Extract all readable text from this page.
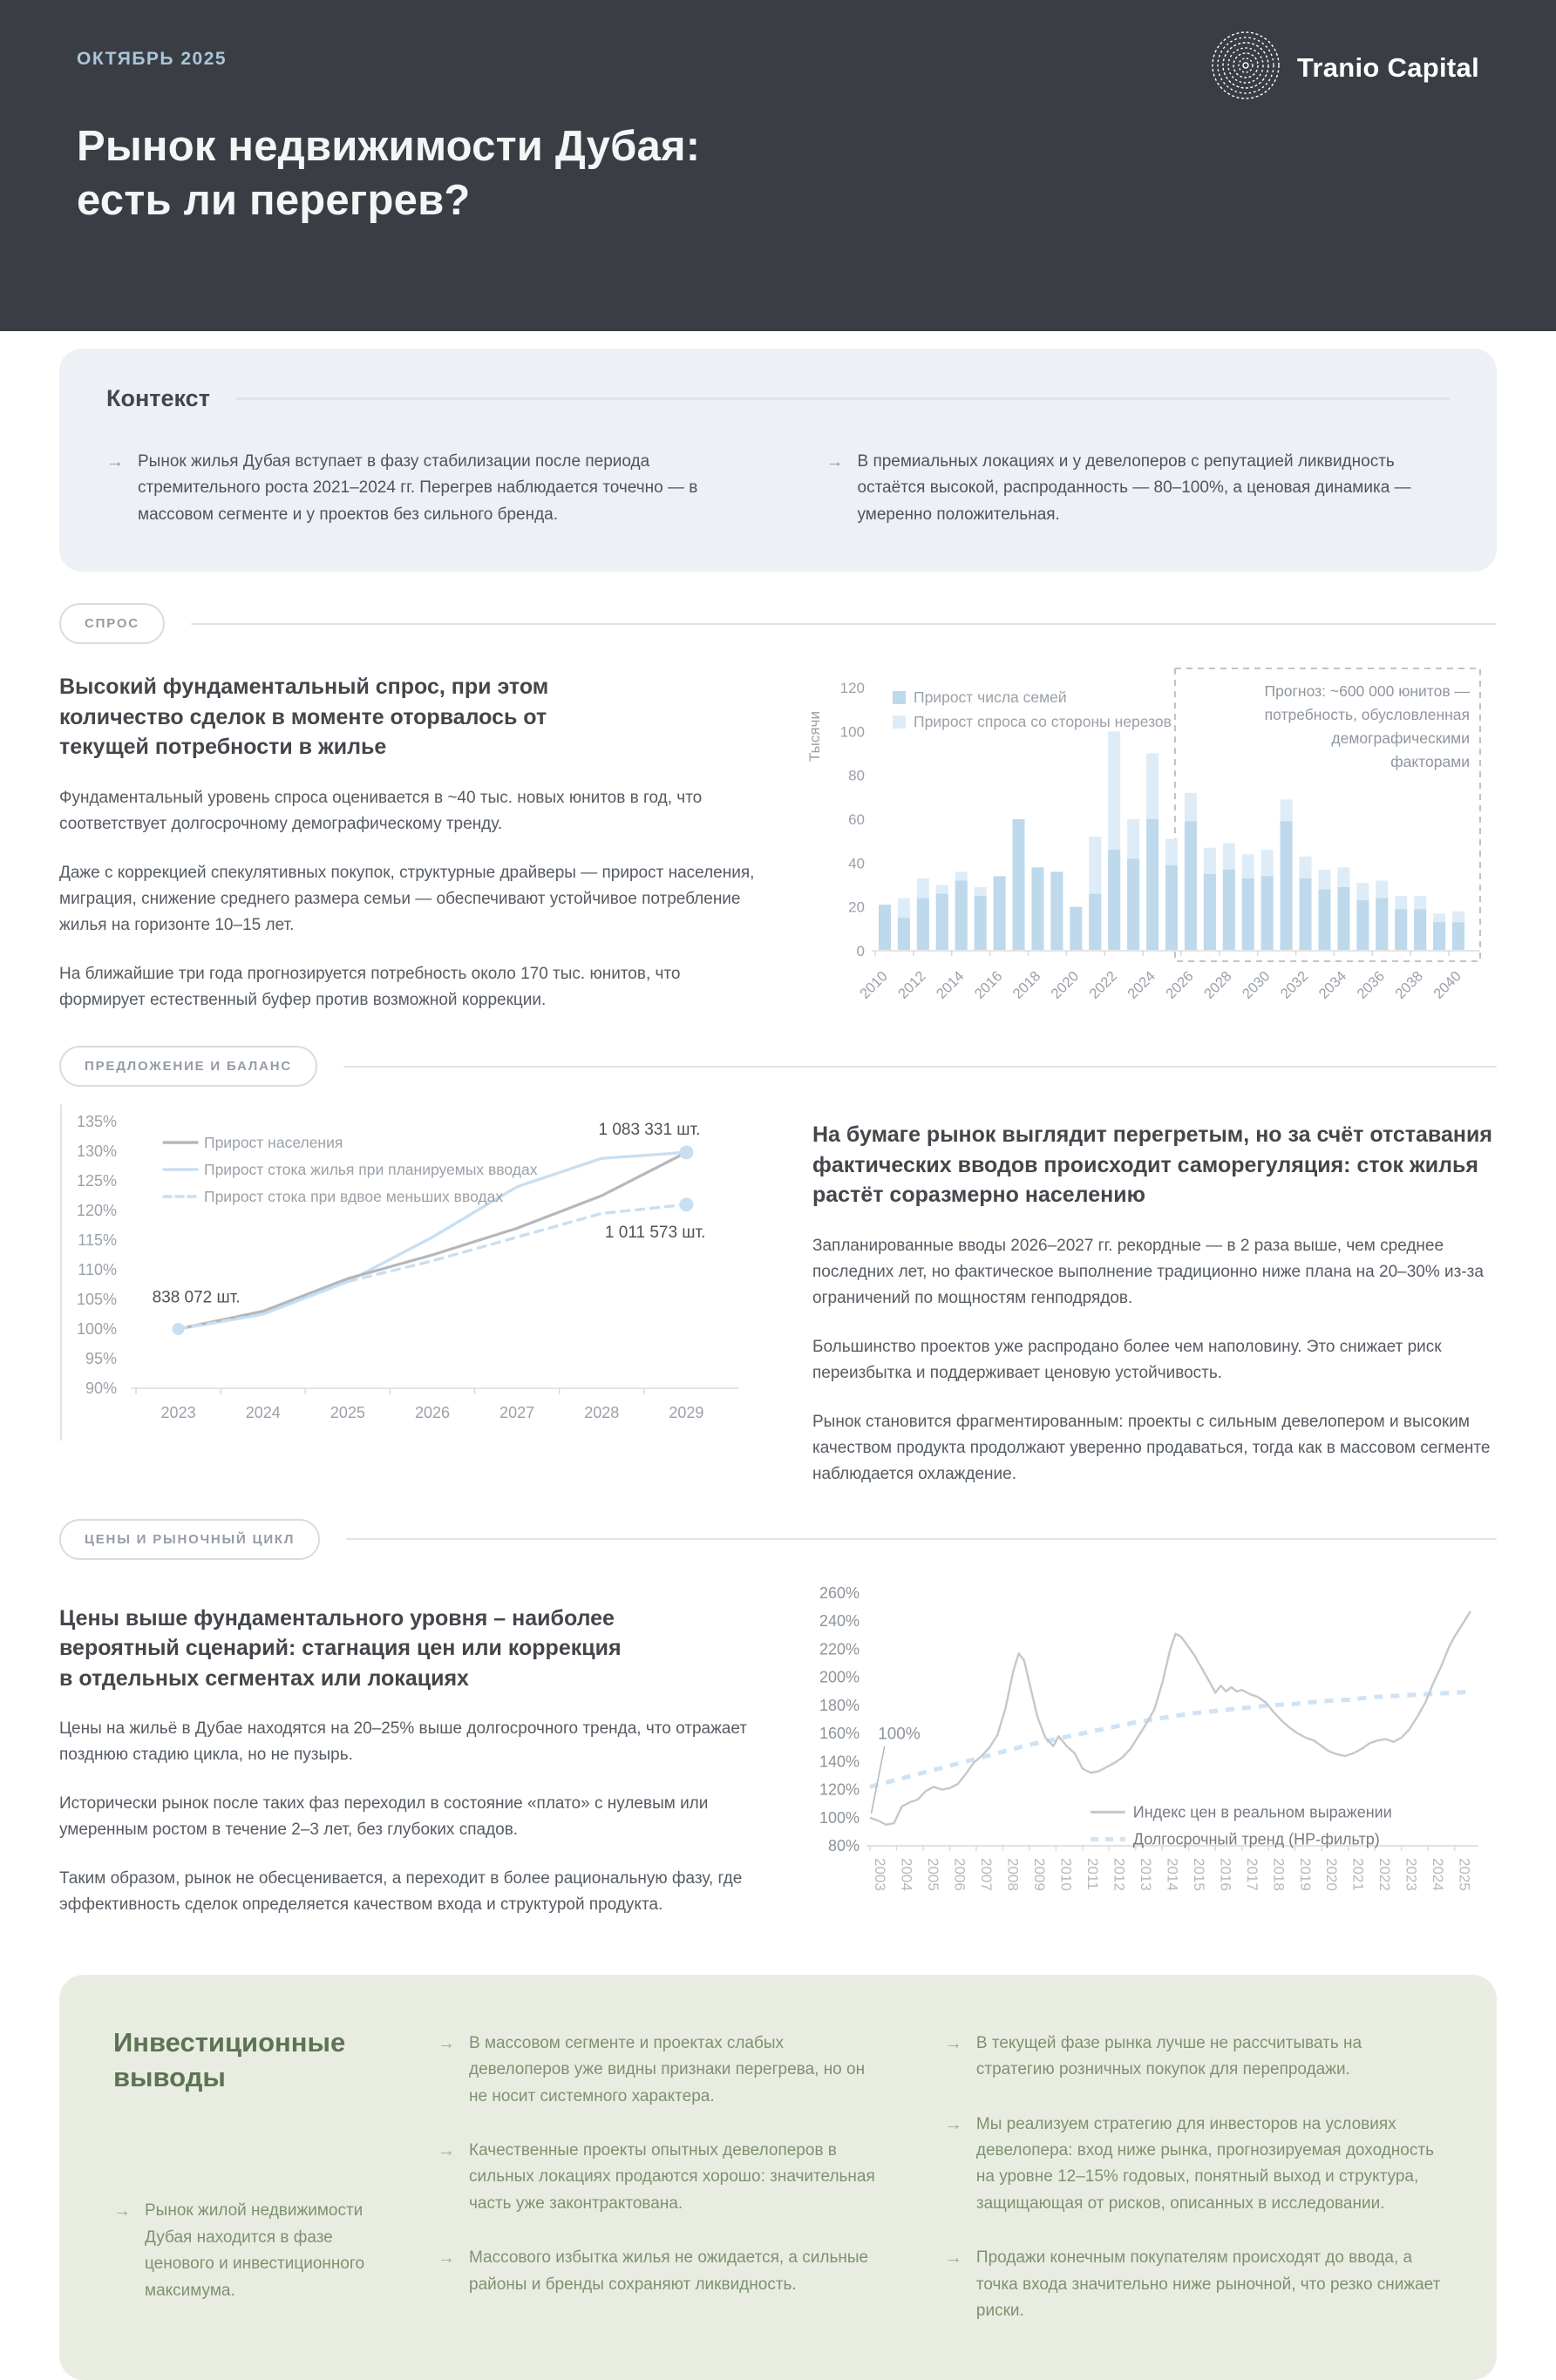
ОКТЯБРЬ 2025
Рынок недвижимости Дубая:
есть ли перегрев?
Tranio Capital
Контекст
→ Рынок жилья Дубая вступает в фазу стабилизации после периода стремительного роста 2021–2024 гг. Перегрев наблюдается точечно — в массовом сегменте и у проектов без сильного бренда.
→ В премиальных локациях и у девелоперов с репутацией ликвидность остаётся высокой, распроданность — 80–100%, а ценовая динамика — умеренно положительная.
СПРОС
Высокий фундаментальный спрос, при этом количество сделок в моменте оторвалось от текущей потребности в жилье

Фундаментальный уровень спроса оценивается в ~40 тыс. новых юнитов в год, что соответствует долгосрочному демографическому тренду.

Даже с коррекцией спекулятивных покупок, структурные драйверы — прирост населения, миграция, снижение среднего размера семьи — обеспечивают устойчивое потребление жилья на горизонте 10–15 лет.

На ближайшие три года прогнозируется потребность около 170 тыс. юнитов, что формирует естественный буфер против возможной коррекции.

0
20
40
60
80
100
120
Тысячи
Прогноз: ~600 000 юнитов —
потребность, обусловленная
демографическими
факторами
2010 2012 2014 2016 2018 2020 2022 2024 2026 2028 2030 2032 2034 2036 2038 2040
Прирост числа семей
Прирост спроса со стороны нерезов
ПРЕДЛОЖЕНИЕ И БАЛАНС
90%
95%
100%
105%
110%
115%
120%
125%
130%
135%
2023	2024	2025	2026	2027	2028	2029
838 072 шт.
1 083 331 шт.
1 011 573 шт.
Прирост населения
Прирост стока жилья при планируемых вводах
Прирост стока при вдвое меньших вводах
На бумаге рынок выглядит перегретым, но за счёт отставания фактических вводов происходит саморегуляция: сток жилья растёт соразмерно населению

Запланированные вводы 2026–2027 гг. рекордные — в 2 раза выше, чем среднее последних лет, но фактическое выполнение традиционно ниже плана на 20–30% из-за ограничений по мощностям генподрядов.

Большинство проектов уже распродано более чем наполовину. Это снижает риск переизбытка и поддерживает ценовую устойчивость.

Рынок становится фрагментированным: проекты с сильным девелопером и высоким качеством продукта продолжают уверенно продаваться, тогда как в массовом сегменте наблюдается охлаждение.

ЦЕНЫ И РЫНОЧНЫЙ ЦИКЛ
Цены выше фундаментального уровня – наиболее вероятный сценарий: стагнация цен или коррекция в отдельных сегментах или локациях

Цены на жильё в Дубае находятся на 20–25% выше долгосрочного тренда, что отражает позднюю стадию цикла, но не пузырь.

Исторически рынок после таких фаз переходил в состояние «плато» с нулевым или умеренным ростом в течение 2–3 лет, без глубоких спадов.

Таким образом, рынок не обесценивается, а переходит в более рациональную фазу, где эффективность сделок определяется качеством входа и структурой продукта.

80%
100%
120%
140%
160%
180%
200%
220%
240%
260%
2003 2004 2005 2006 2007 2008 2009 2010 2011 2012 2013 2014 2015 2016 2017 2018 2019 2020 2021 2022 2023 2024 2025
100%
Индекс цен в реальном выражении
Долгосрочный тренд (HP-фильтр)
Инвестиционные
выводы
→ Рынок жилой недвижимости Дубая находится в фазе ценового и инвестиционного максимума.
→ В массовом сегменте и проектах слабых девелоперов уже видны признаки перегрева, но он не носит системного характера.
→ Качественные проекты опытных девелоперов в сильных локациях продаются хорошо: значительная часть уже законтрактована.
→ Массового избытка жилья не ожидается, а сильные районы и бренды сохраняют ликвидность.
→ В текущей фазе рынка лучше не рассчитывать на стратегию розничных покупок для перепродажи.
→ Мы реализуем стратегию для инвесторов на условиях девелопера: вход ниже рынка, прогнозируемая доходность на уровне 12–15% годовых, понятный выход и структура, защищающая от рисков, описанных в исследовании.
→ Продажи конечным покупателям происходят до ввода, а точка входа значительно ниже рыночной, что резко снижает риски.
